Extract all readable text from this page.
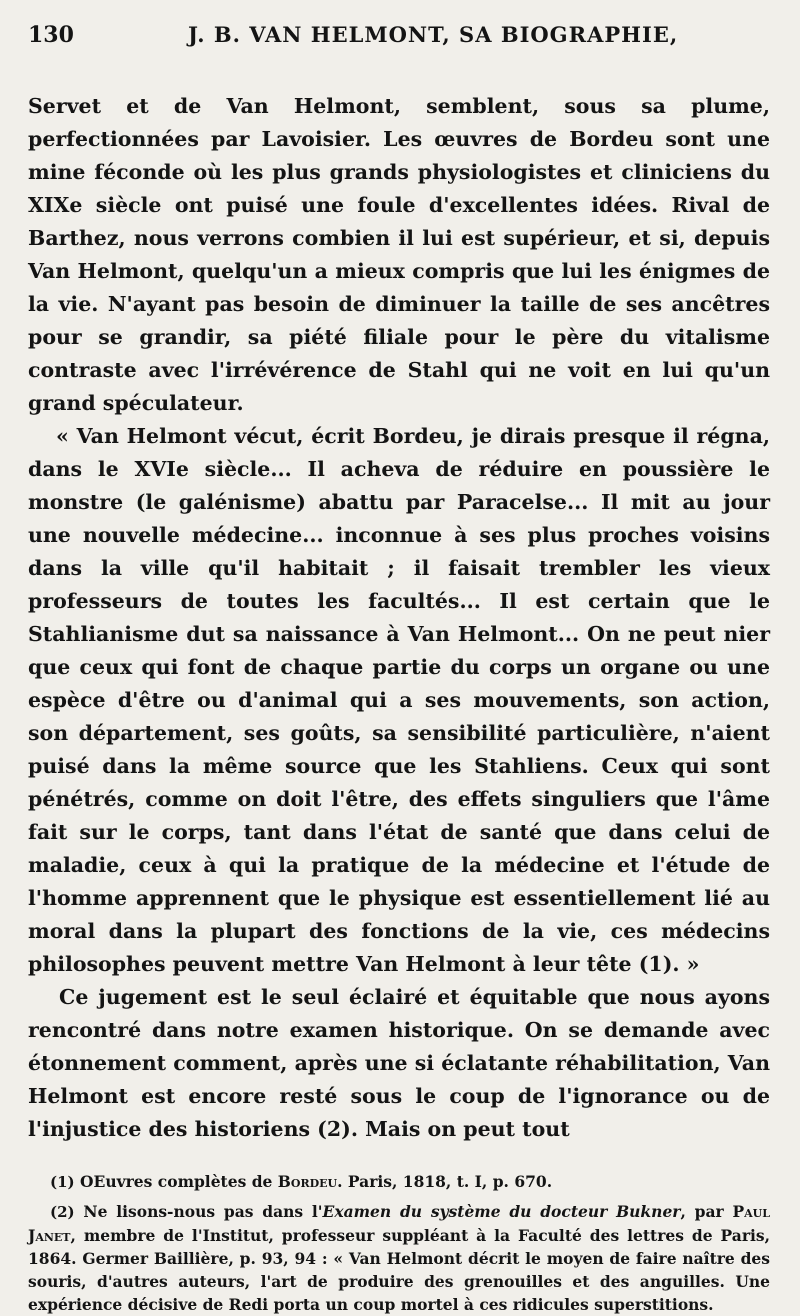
130	J. B. VAN HELMONT, SA BIOGRAPHIE,

Servet et de Van Helmont, semblent, sous sa plume, perfectionnées par Lavoisier. Les œuvres de Bordeu sont une mine féconde où les plus grands physiologistes et cliniciens du XIXe siècle ont puisé une foule d'excellentes idées. Rival de Barthez, nous verrons combien il lui est supérieur, et si, depuis Van Helmont, quelqu'un a mieux compris que lui les énigmes de la vie. N'ayant pas besoin de diminuer la taille de ses ancêtres pour se grandir, sa piété filiale pour le père du vitalisme contraste avec l'irrévérence de Stahl qui ne voit en lui qu'un grand spéculateur.

« Van Helmont vécut, écrit Bordeu, je dirais presque il régna, dans le XVIe siècle... Il acheva de réduire en poussière le monstre (le galénisme) abattu par Paracelse... Il mit au jour une nouvelle médecine... inconnue à ses plus proches voisins dans la ville qu'il habitait ; il faisait trembler les vieux professeurs de toutes les facultés... Il est certain que le Stahlianisme dut sa naissance à Van Helmont... On ne peut nier que ceux qui font de chaque partie du corps un organe ou une espèce d'être ou d'animal qui a ses mouvements, son action, son département, ses goûts, sa sensibilité particulière, n'aient puisé dans la même source que les Stahliens. Ceux qui sont pénétrés, comme on doit l'être, des effets singuliers que l'âme fait sur le corps, tant dans l'état de santé que dans celui de maladie, ceux à qui la pratique de la médecine et l'étude de l'homme apprennent que le physique est essentiellement lié au moral dans la plupart des fonctions de la vie, ces médecins philosophes peuvent mettre Van Helmont à leur tête (1). »

Ce jugement est le seul éclairé et équitable que nous ayons rencontré dans notre examen historique. On se demande avec étonnement comment, après une si éclatante réhabilitation, Van Helmont est encore resté sous le coup de l'ignorance ou de l'injustice des historiens (2). Mais on peut tout

(1) OEuvres complètes de Bordeu. Paris, 1818, t. I, p. 670.

(2) Ne lisons-nous pas dans l'Examen du système du docteur Bukner, par Paul Janet, membre de l'Institut, professeur suppléant à la Faculté des lettres de Paris, 1864. Germer Baillière, p. 93, 94 : « Van Helmont décrit le moyen de faire naître des souris, d'autres auteurs, l'art de produire des grenouilles et des anguilles. Une expérience décisive de Redi porta un coup mortel à ces ridicules superstitions.
